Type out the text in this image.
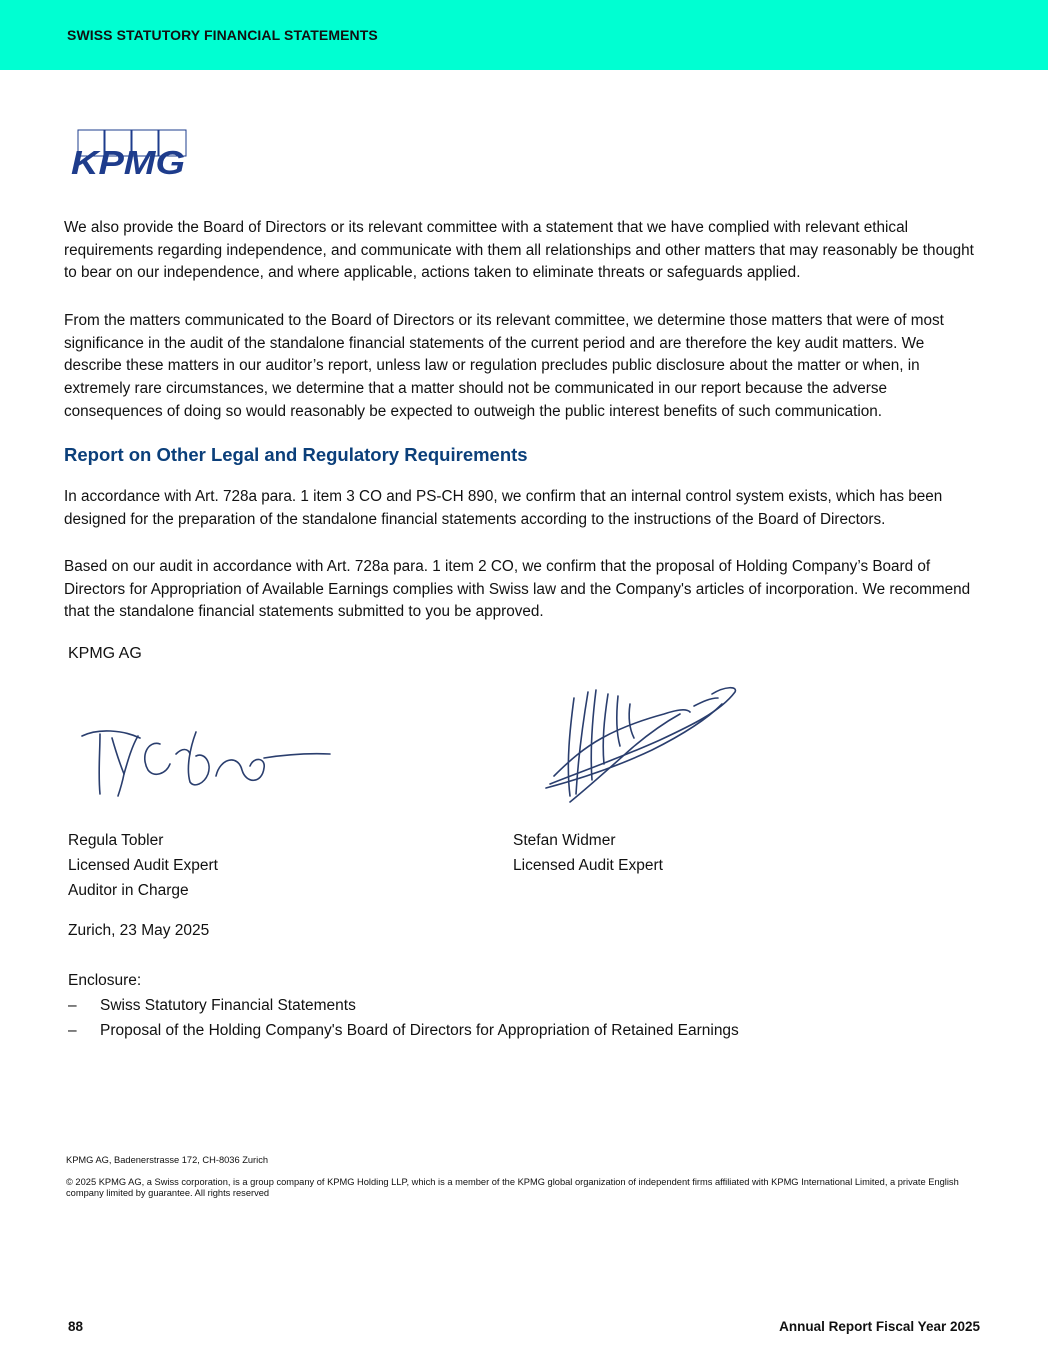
SWISS STATUTORY FINANCIAL STATEMENTS
KPMG

We also provide the Board of Directors or its relevant committee with a statement that we have complied with relevant ethical requirements regarding independence, and communicate with them all relationships and other matters that may reasonably be thought to bear on our independence, and where applicable, actions taken to eliminate threats or safeguards applied.

From the matters communicated to the Board of Directors or its relevant committee, we determine those matters that were of most significance in the audit of the standalone financial statements of the current period and are therefore the key audit matters. We describe these matters in our auditor’s report, unless law or regulation precludes public disclosure about the matter or when, in extremely rare circumstances, we determine that a matter should not be communicated in our report because the adverse consequences of doing so would reasonably be expected to outweigh the public interest benefits of such communication.

Report on Other Legal and Regulatory Requirements

In accordance with Art. 728a para. 1 item 3 CO and PS-CH 890, we confirm that an internal control system exists, which has been designed for the preparation of the standalone financial statements according to the instructions of the Board of Directors.

Based on our audit in accordance with Art. 728a para. 1 item 2 CO, we confirm that the proposal of Holding Company’s Board of Directors for Appropriation of Available Earnings complies with Swiss law and the Company's articles of incorporation. We recommend that the standalone financial statements submitted to you be approved.

KPMG AG
Regula Tobler
Licensed Audit Expert
Auditor in Charge
Stefan Widmer
Licensed Audit Expert
Zurich, 23 May 2025
Enclosure:
– Swiss Statutory Financial Statements
– Proposal of the Holding Company's Board of Directors for Appropriation of Retained Earnings
KPMG AG, Badenerstrasse 172, CH-8036 Zurich
© 2025 KPMG AG, a Swiss corporation, is a group company of KPMG Holding LLP, which is a member of the KPMG global organization of independent firms affiliated with KPMG International Limited, a private English company limited by guarantee. All rights reserved
88	Annual Report Fiscal Year 2025
